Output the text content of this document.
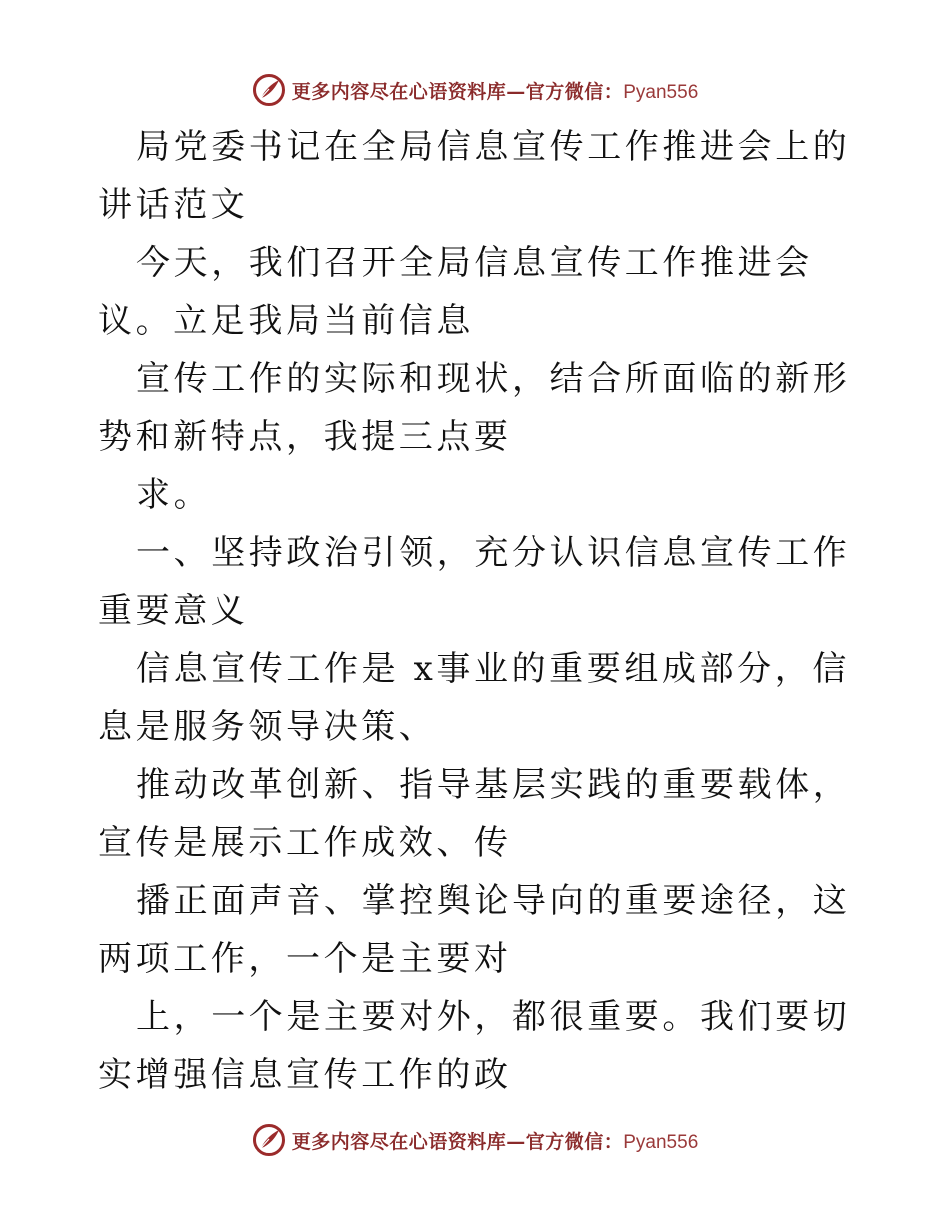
更多内容尽在心语资料库—官方微信：Pyan556

局党委书记在全局信息宣传工作推进会上的讲话范文

今天，我们召开全局信息宣传工作推进会议。立足我局当前信息

宣传工作的实际和现状，结合所面临的新形势和新特点，我提三点要

求。

一、坚持政治引领，充分认识信息宣传工作重要意义

信息宣传工作是 x事业的重要组成部分，信息是服务领导决策、

推动改革创新、指导基层实践的重要载体，宣传是展示工作成效、传

播正面声音、掌控舆论导向的重要途径，这两项工作，一个是主要对

上，一个是主要对外，都很重要。我们要切实增强信息宣传工作的政

更多内容尽在心语资料库—官方微信：Pyan556
